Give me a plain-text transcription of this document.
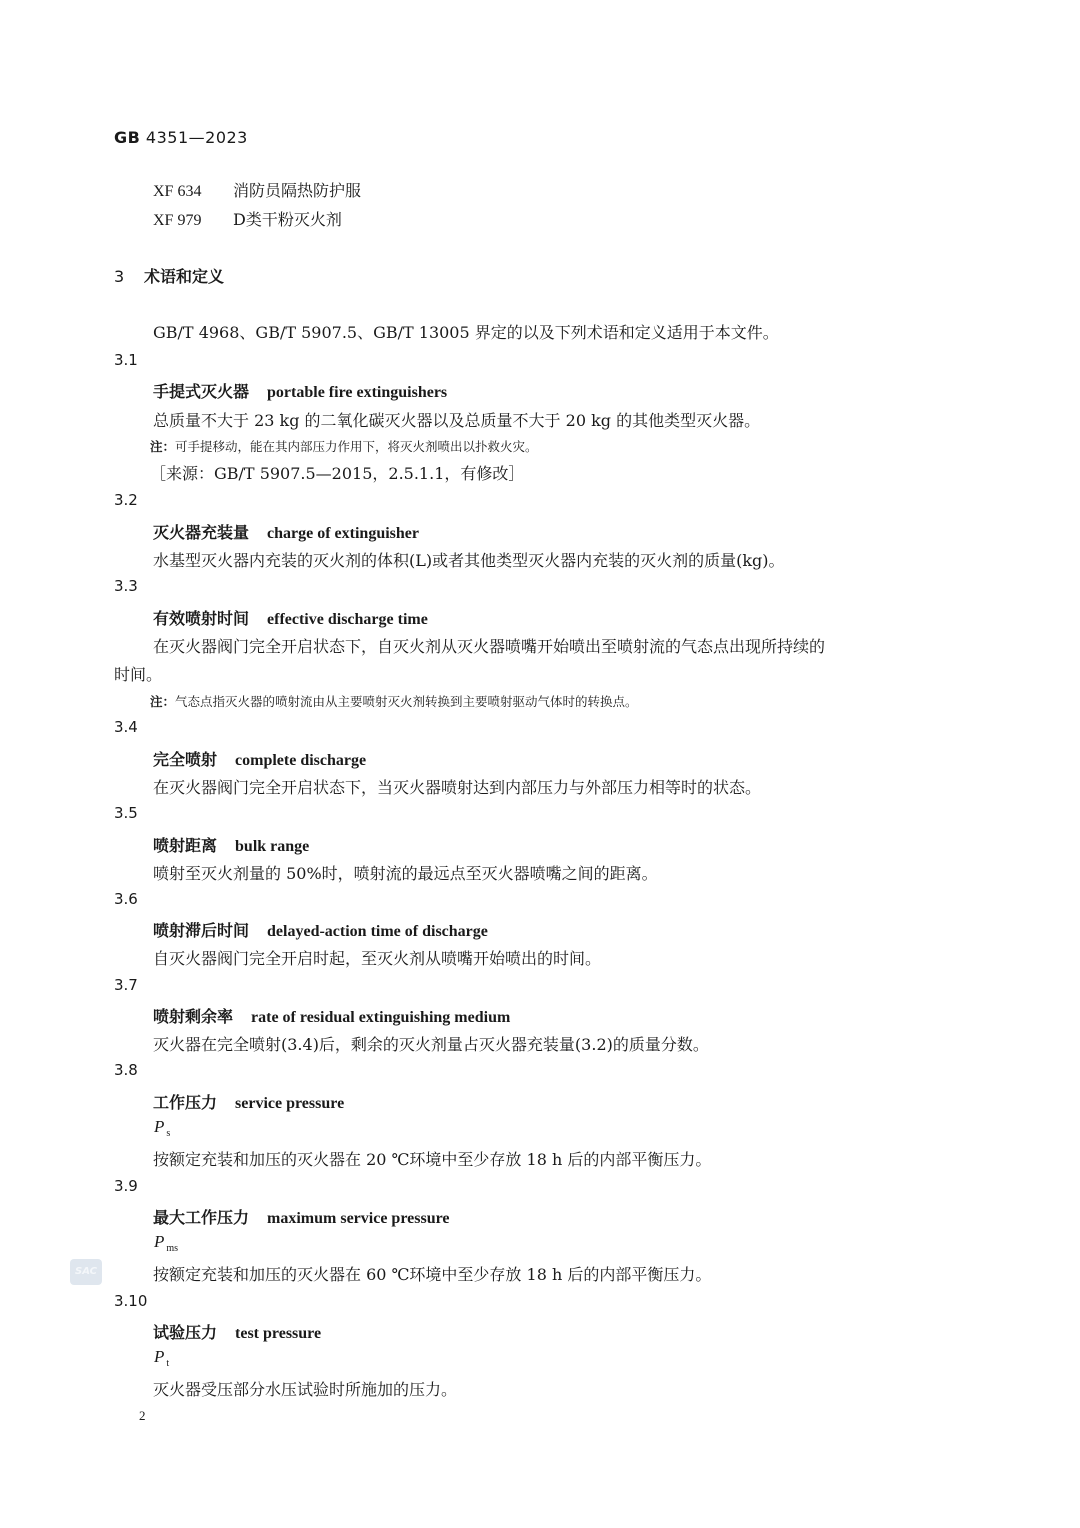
GB 4351—2023
XF 634 消防员隔热防护服
XF 979 D类干粉灭火剂
3 术语和定义
GB/T 4968、GB/T 5907.5、GB/T 13005 界定的以及下列术语和定义适用于本文件。
3.1
手提式灭火器 portable fire extinguishers
总质量不大于 23 kg 的二氧化碳灭火器以及总质量不大于 20 kg 的其他类型灭火器。
注：可手提移动，能在其内部压力作用下，将灭火剂喷出以扑救火灾。
［来源：GB/T 5907.5—2015，2.5.1.1，有修改］
3.2
灭火器充装量 charge of extinguisher
水基型灭火器内充装的灭火剂的体积(L)或者其他类型灭火器内充装的灭火剂的质量(kg)。
3.3
有效喷射时间 effective discharge time
在灭火器阀门完全开启状态下，自灭火剂从灭火器喷嘴开始喷出至喷射流的气态点出现所持续的
时间。
注：气态点指灭火器的喷射流由从主要喷射灭火剂转换到主要喷射驱动气体时的转换点。
3.4
完全喷射 complete discharge
在灭火器阀门完全开启状态下，当灭火器喷射达到内部压力与外部压力相等时的状态。
3.5
喷射距离 bulk range
喷射至灭火剂量的 50%时，喷射流的最远点至灭火器喷嘴之间的距离。
3.6
喷射滞后时间 delayed-action time of discharge
自灭火器阀门完全开启时起，至灭火剂从喷嘴开始喷出的时间。
3.7
喷射剩余率 rate of residual extinguishing medium
灭火器在完全喷射(3.4)后，剩余的灭火剂量占灭火器充装量(3.2)的质量分数。
3.8
工作压力 service pressure
P $_s$
按额定充装和加压的灭火器在 20 ℃环境中至少存放 18 h 后的内部平衡压力。
3.9
最大工作压力 maximum service pressure
P $_{ms}$
按额定充装和加压的灭火器在 60 ℃环境中至少存放 18 h 后的内部平衡压力。
3.10
试验压力 test pressure
P $_t$
灭火器受压部分水压试验时所施加的压力。
SAC
2
